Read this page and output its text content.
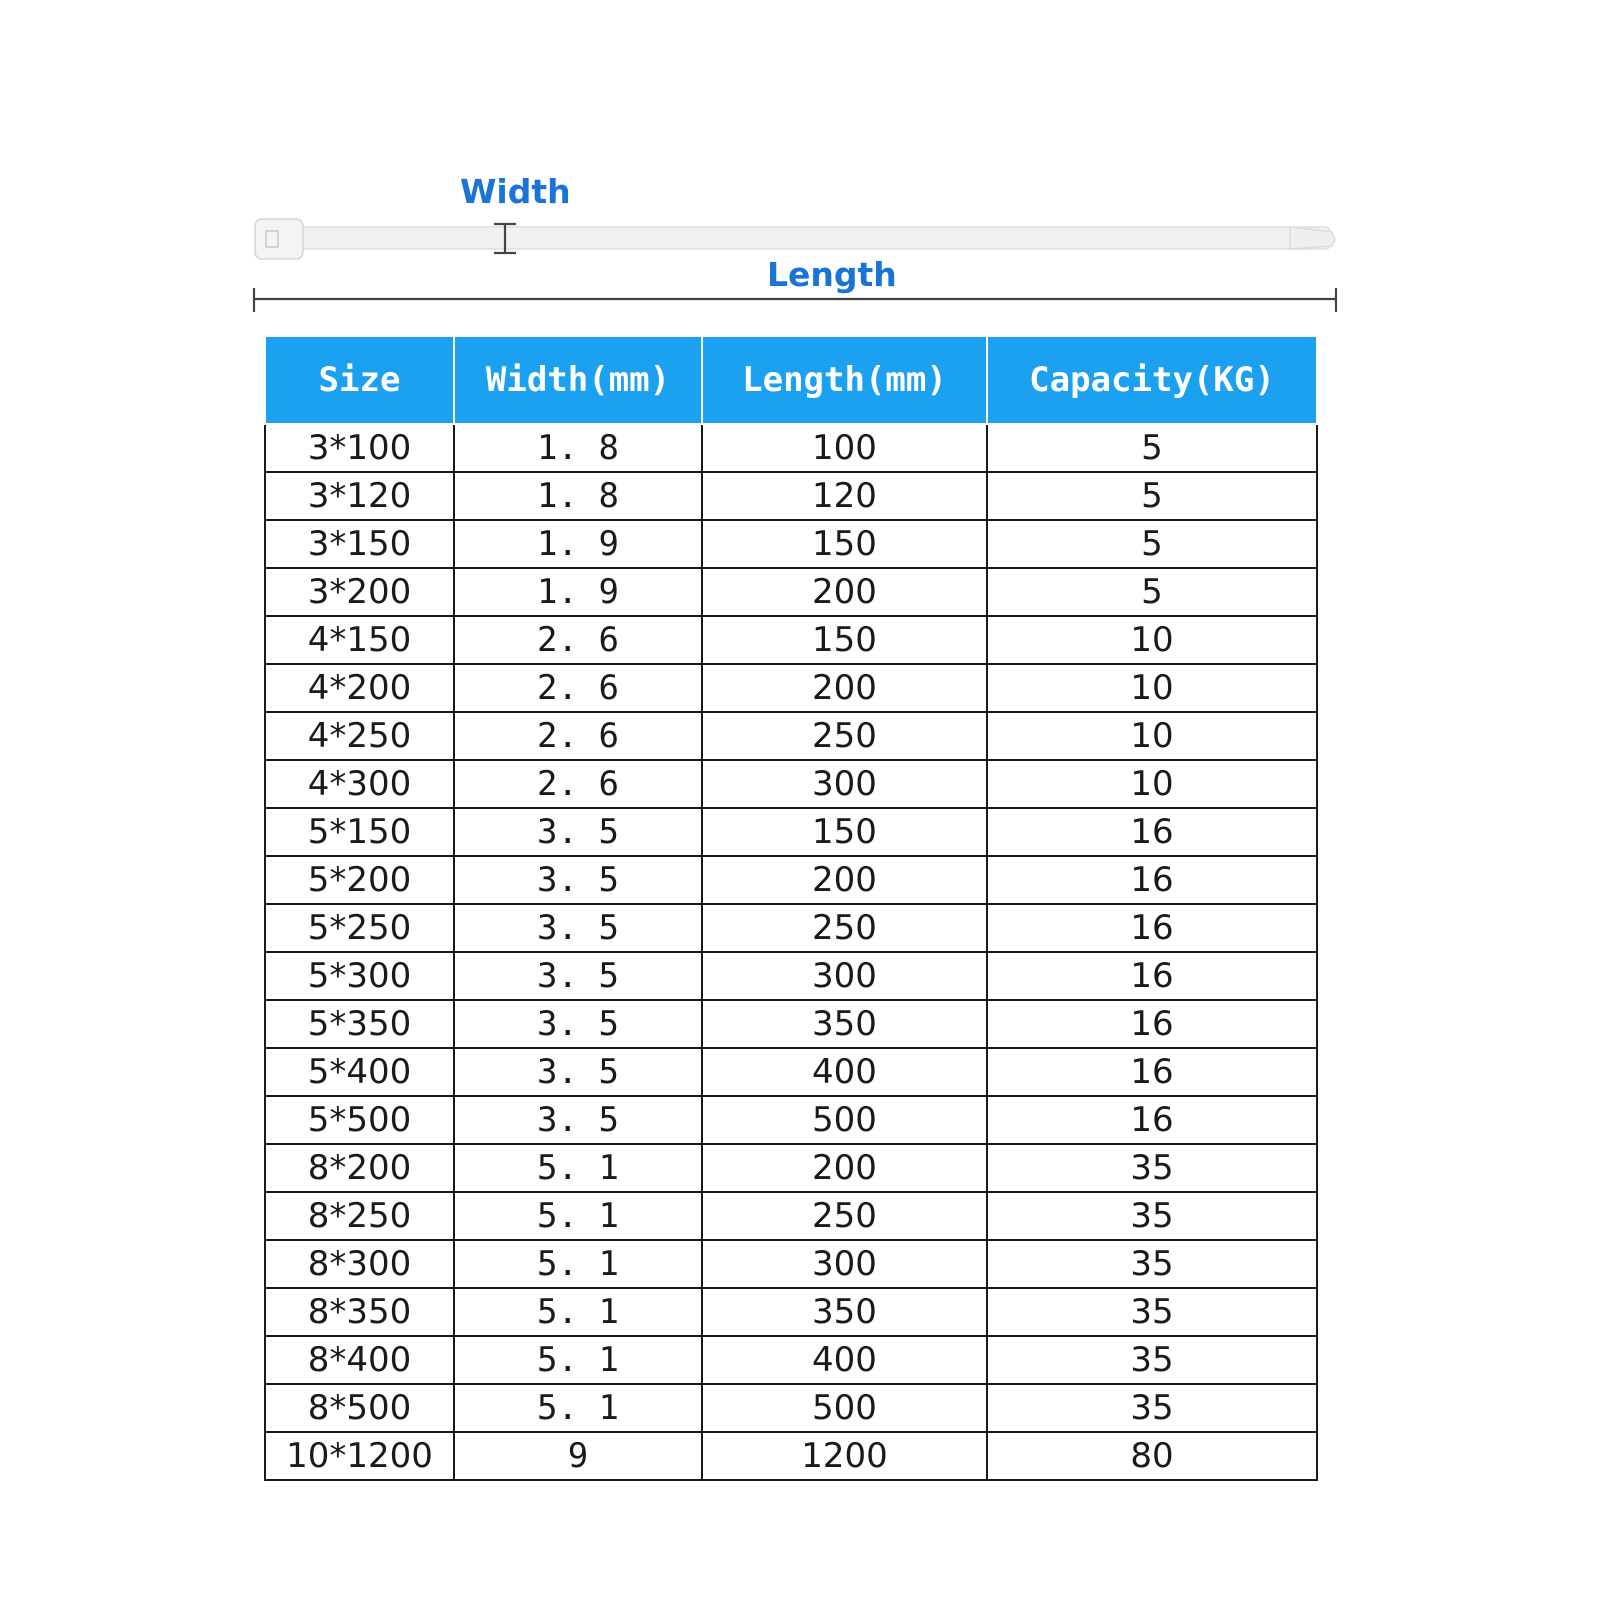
Width
Length
Size	Width(mm)	Length(mm)	Capacity(KG)
3*100	1. 8	100	5
3*120	1. 8	120	5
3*150	1. 9	150	5
3*200	1. 9	200	5
4*150	2. 6	150	10
4*200	2. 6	200	10
4*250	2. 6	250	10
4*300	2. 6	300	10
5*150	3. 5	150	16
5*200	3. 5	200	16
5*250	3. 5	250	16
5*300	3. 5	300	16
5*350	3. 5	350	16
5*400	3. 5	400	16
5*500	3. 5	500	16
8*200	5. 1	200	35
8*250	5. 1	250	35
8*300	5. 1	300	35
8*350	5. 1	350	35
8*400	5. 1	400	35
8*500	5. 1	500	35
10*1200	9	1200	80
